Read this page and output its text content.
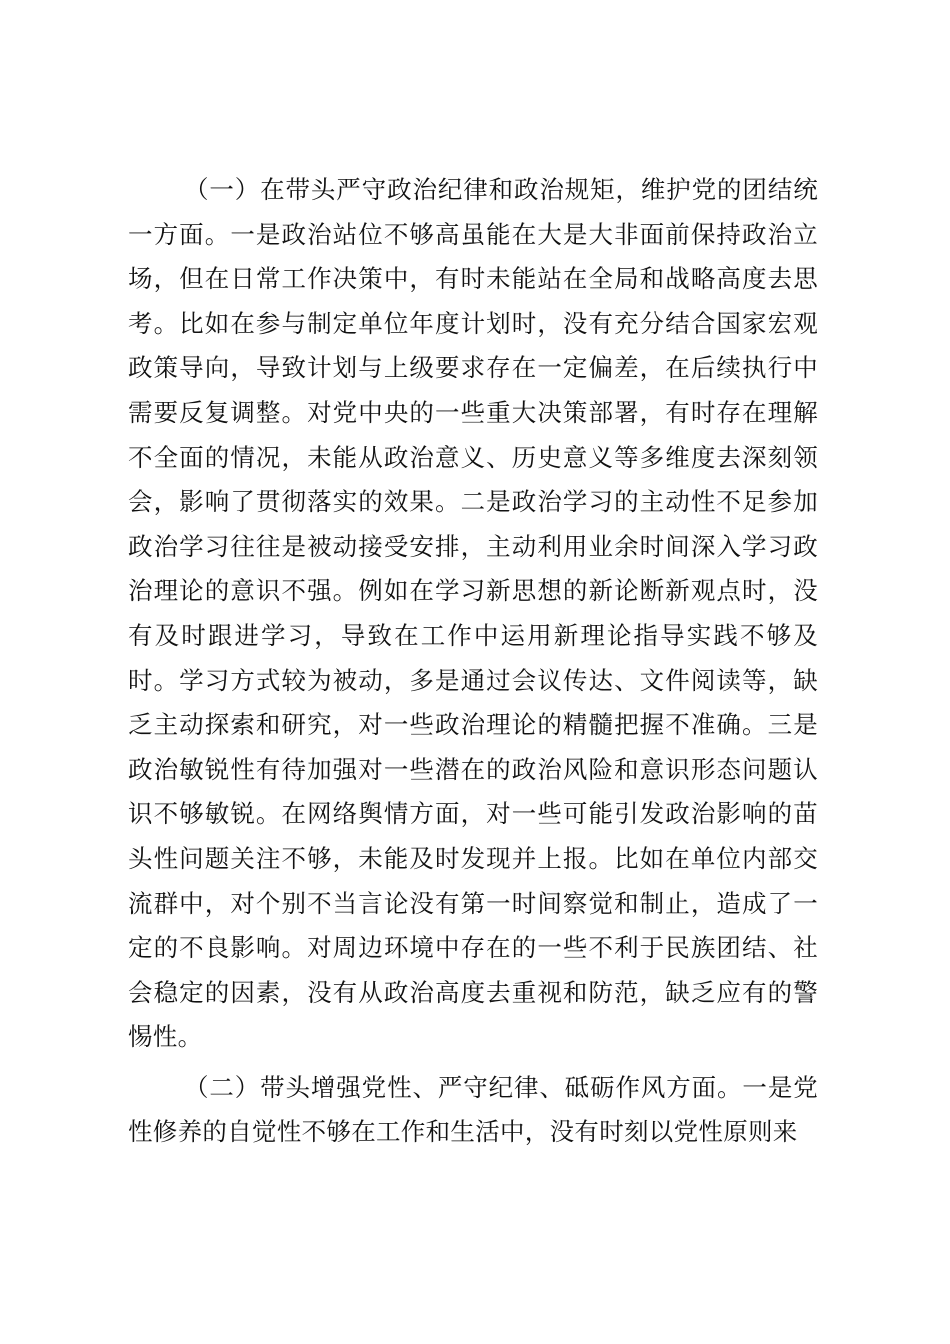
（一）在带头严守政治纪律和政治规矩，维护党的团结统一方面。一是政治站位不够高虽能在大是大非面前保持政治立场，但在日常工作决策中，有时未能站在全局和战略高度去思考。比如在参与制定单位年度计划时，没有充分结合国家宏观政策导向，导致计划与上级要求存在一定偏差，在后续执行中需要反复调整。对党中央的一些重大决策部署，有时存在理解不全面的情况，未能从政治意义、历史意义等多维度去深刻领会，影响了贯彻落实的效果。二是政治学习的主动性不足参加政治学习往往是被动接受安排，主动利用业余时间深入学习政治理论的意识不强。例如在学习新思想的新论断新观点时，没有及时跟进学习，导致在工作中运用新理论指导实践不够及时。学习方式较为被动，多是通过会议传达、文件阅读等，缺乏主动探索和研究，对一些政治理论的精髓把握不准确。三是政治敏锐性有待加强对一些潜在的政治风险和意识形态问题认识不够敏锐。在网络舆情方面，对一些可能引发政治影响的苗头性问题关注不够，未能及时发现并上报。比如在单位内部交流群中，对个别不当言论没有第一时间察觉和制止，造成了一定的不良影响。对周边环境中存在的一些不利于民族团结、社会稳定的因素，没有从政治高度去重视和防范，缺乏应有的警惕性。

（二）带头增强党性、严守纪律、砥砺作风方面。一是党性修养的自觉性不够在工作和生活中，没有时刻以党性原则来
